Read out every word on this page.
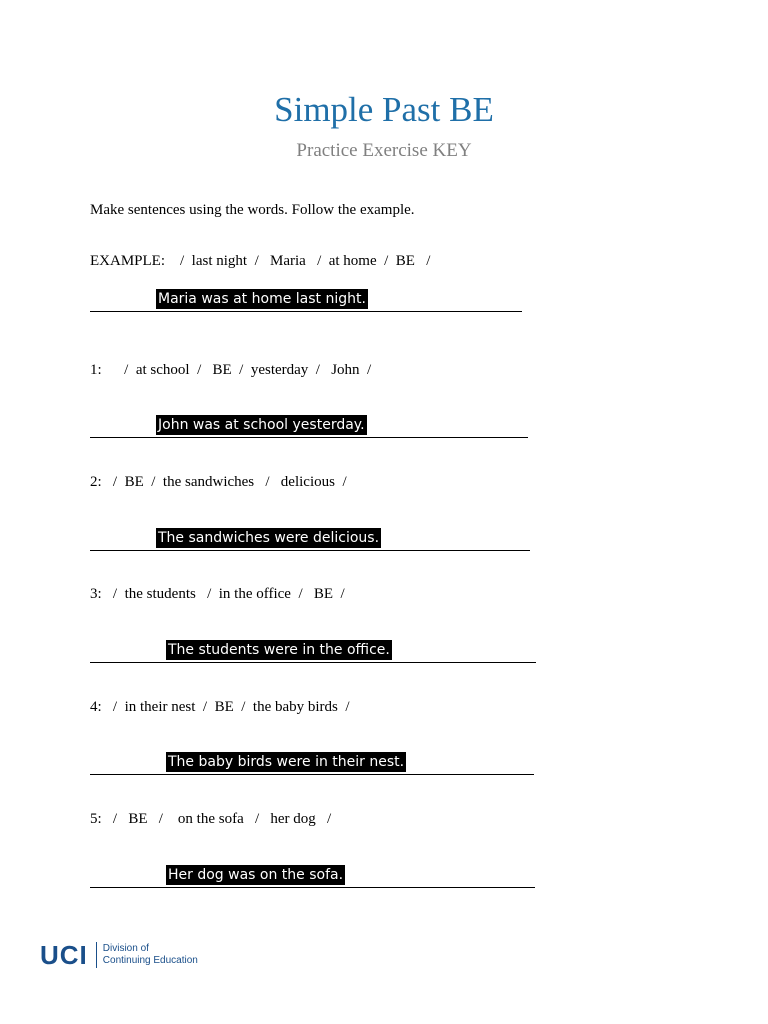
Simple Past BE
Practice Exercise KEY
Make sentences using the words. Follow the example.
EXAMPLE:    /  last night  /   Maria   /  at home  /  BE   /
Maria was at home last night.
1:      /  at school  /   BE  /  yesterday  /   John  /
John was at school yesterday.
2:   /  BE  /  the sandwiches   /   delicious  /
The sandwiches were delicious.
3:   /  the students   /  in the office  /   BE  /
The students were in the office.
4:   /  in their nest  /  BE  /  the baby birds  /
The baby birds were in their nest.
5:   /   BE   /    on the sofa   /   her dog   /
Her dog was on the sofa.
UCI	Division of
Continuing Education
